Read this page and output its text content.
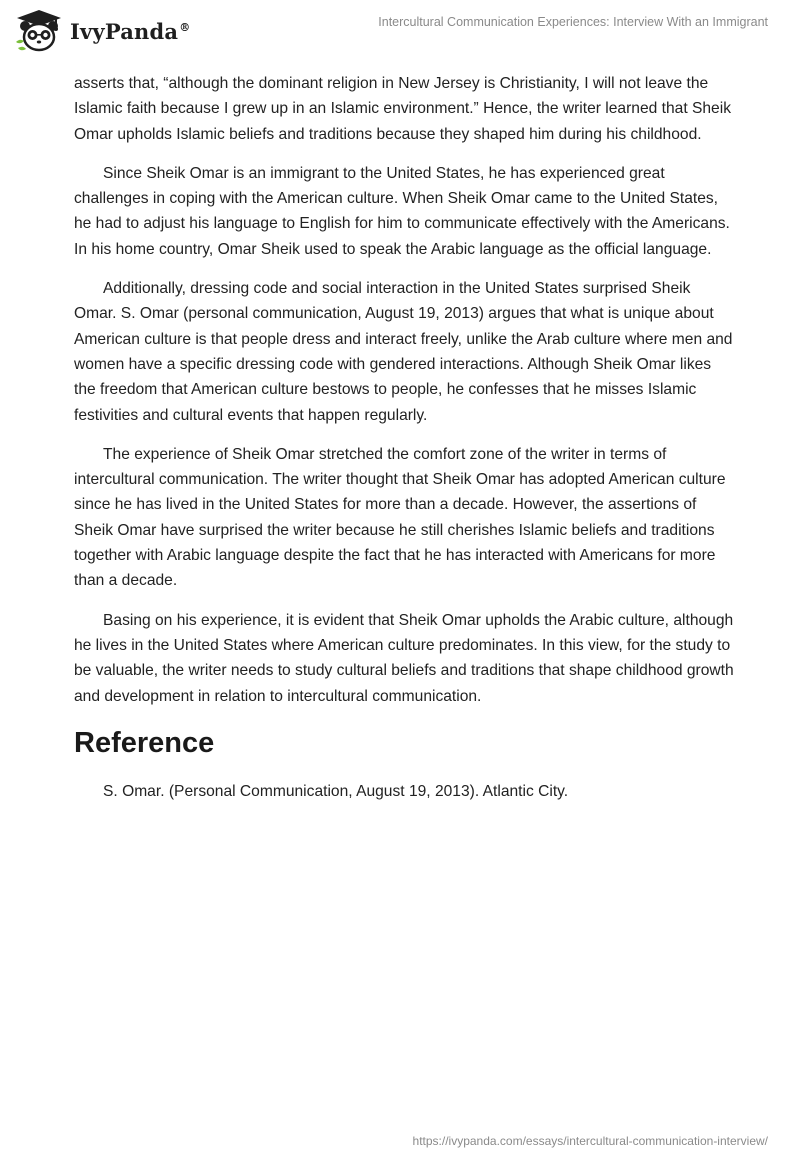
IvyPanda®	Intercultural Communication Experiences: Interview With an Immigrant

asserts that, “although the dominant religion in New Jersey is Christianity, I will not leave the Islamic faith because I grew up in an Islamic environment.” Hence, the writer learned that Sheik Omar upholds Islamic beliefs and traditions because they shaped him during his childhood.

Since Sheik Omar is an immigrant to the United States, he has experienced great challenges in coping with the American culture. When Sheik Omar came to the United States, he had to adjust his language to English for him to communicate effectively with the Americans. In his home country, Omar Sheik used to speak the Arabic language as the official language.

Additionally, dressing code and social interaction in the United States surprised Sheik Omar. S. Omar (personal communication, August 19, 2013) argues that what is unique about American culture is that people dress and interact freely, unlike the Arab culture where men and women have a specific dressing code with gendered interactions. Although Sheik Omar likes the freedom that American culture bestows to people, he confesses that he misses Islamic festivities and cultural events that happen regularly.

The experience of Sheik Omar stretched the comfort zone of the writer in terms of intercultural communication. The writer thought that Sheik Omar has adopted American culture since he has lived in the United States for more than a decade. However, the assertions of Sheik Omar have surprised the writer because he still cherishes Islamic beliefs and traditions together with Arabic language despite the fact that he has interacted with Americans for more than a decade.

Basing on his experience, it is evident that Sheik Omar upholds the Arabic culture, although he lives in the United States where American culture predominates. In this view, for the study to be valuable, the writer needs to study cultural beliefs and traditions that shape childhood growth and development in relation to intercultural communication.

Reference

S. Omar. (Personal Communication, August 19, 2013). Atlantic City.

https://ivypanda.com/essays/intercultural-communication-interview/
